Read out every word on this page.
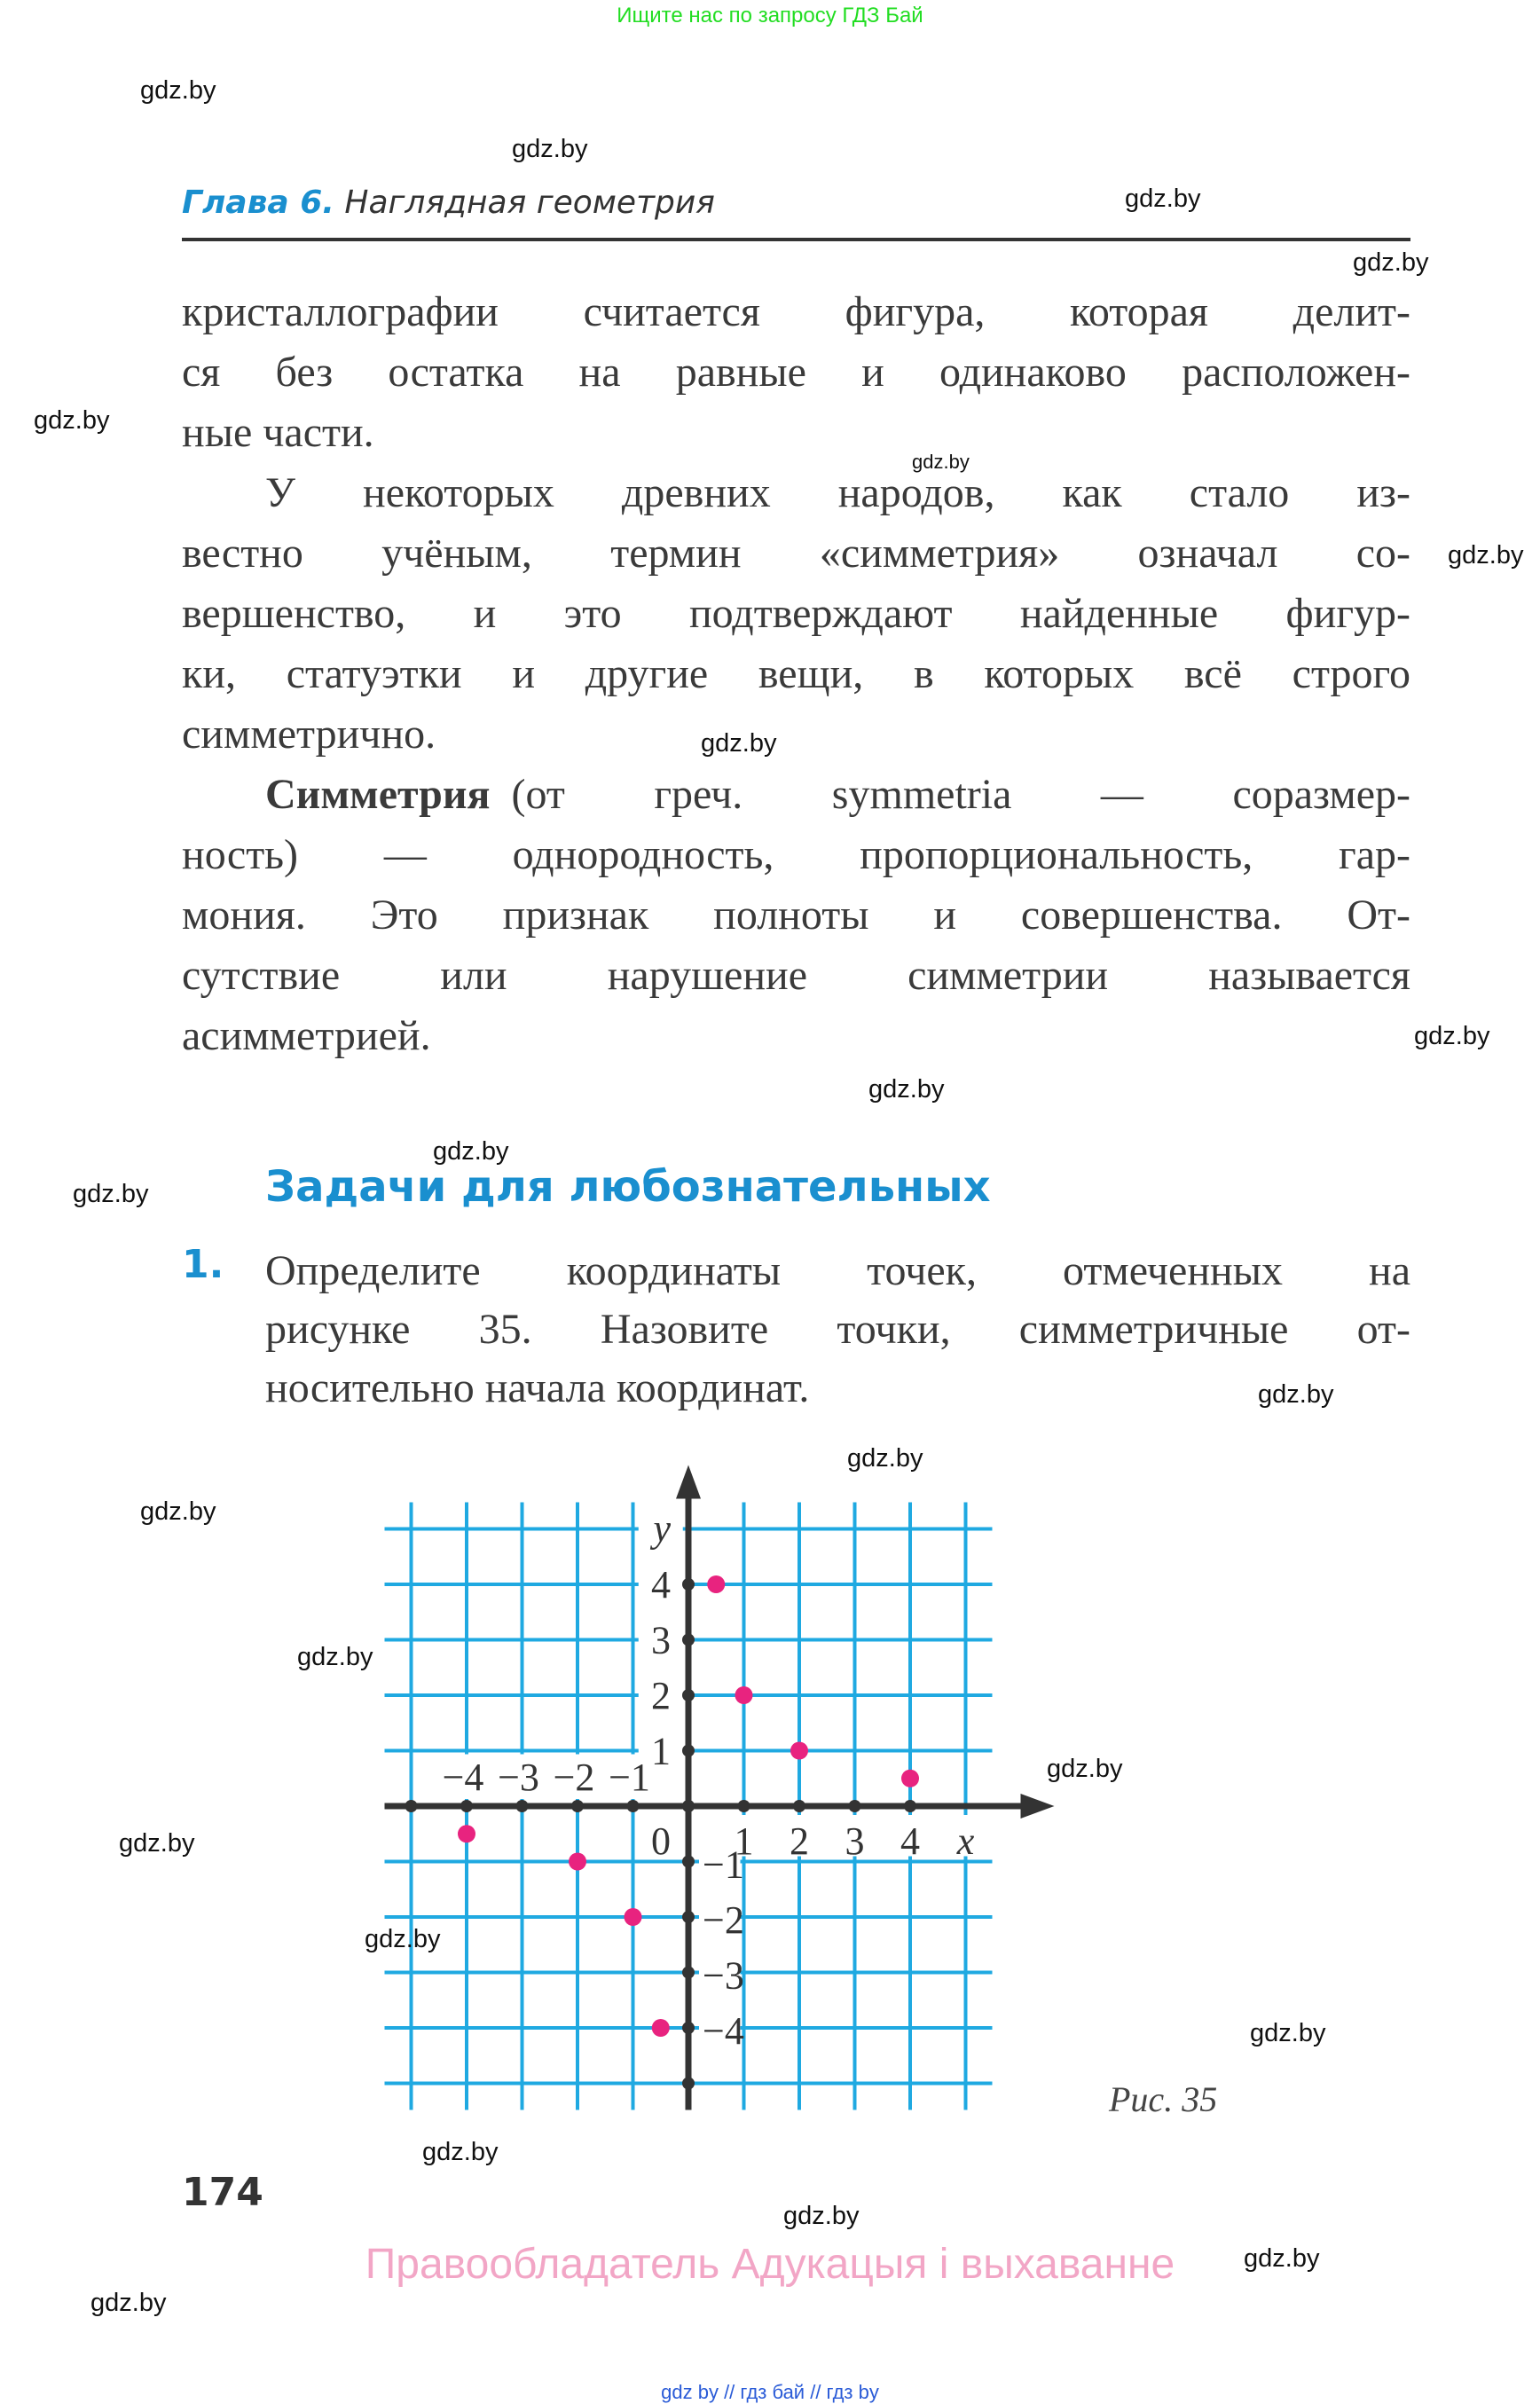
Ищите нас по запросу ГДЗ Бай
Глава 6. Наглядная геометрия
кристаллографии считается фигура, которая делит-
ся без остатка на равные и одинаково расположен-
ные части.
У некоторых древних народов, как стало из-
вестно учёным, термин «симметрия» означал со-
вершенство, и это подтверждают найденные фигур-
ки, статуэтки и другие вещи, в которых всё строго
симметрично.
Симметрия (от греч. symmetria — соразмер-
ность) — однородность, пропорциональность, гар-
мония. Это признак полноты и совершенства. От-
сутствие или нарушение симметрии называется
асимметрией.
Задачи для любознательных
1. Определите координаты точек, отмеченных на
рисунке 35. Назовите точки, симметричные от-
носительно начала координат.
−4 −3 −2 −1
1 2 3 4
4
3
2
1
−1
−2
−3
−4
0	x
y
Рис. 35
174
Правообладатель Адукацыя і выхаванне
gdz by // гдз бай // гдз by
gdz.by
gdz.by
gdz.by
gdz.by
gdz.by
gdz.by
gdz.by
gdz.by
gdz.by
gdz.by
gdz.by
gdz.by
gdz.by
gdz.by
gdz.by
gdz.by
gdz.by
gdz.by
gdz.by
gdz.by
gdz.by
gdz.by
gdz.by
gdz.by
